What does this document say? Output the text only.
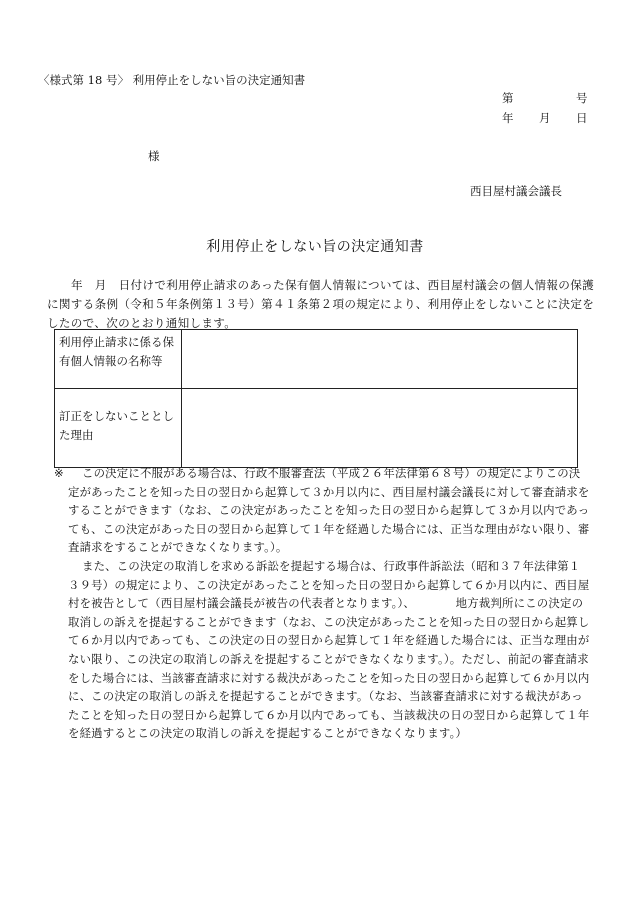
〈様式第 18 号〉 利用停止をしない旨の決定通知書
第	号
年 月 日
様
西目屋村議会議長
利用停止をしない旨の決定通知書
年　月　日付けで利用停止請求のあった保有個人情報については、西目屋村議会の個人情報の保護に関する条例（令和５年条例第１３号）第４１条第２項の規定により、利用停止をしないことに決定をしたので、次のとおり通知します。
利用停止請求に係る保有個人情報の名称等	
訂正をしないこととした理由	
※	この決定に不服がある場合は、行政不服審査法（平成２６年法律第６８号）の規定によりこの決定があったことを知った日の翌日から起算して３か月以内に、西目屋村議会議長に対して審査請求をすることができます（なお、この決定があったことを知った日の翌日から起算して３か月以内であっても、この決定があった日の翌日から起算して１年を経過した場合には、正当な理由がない限り、審査請求をすることができなくなります。）。

また、この決定の取消しを求める訴訟を提起する場合は、行政事件訴訟法（昭和３７年法律第１３９号）の規定により、この決定があったことを知った日の翌日から起算して６か月以内に、西目屋村を被告として（西目屋村議会議長が被告の代表者となります。）、　　　　地方裁判所にこの決定の取消しの訴えを提起することができます（なお、この決定があったことを知った日の翌日から起算して６か月以内であっても、この決定の日の翌日から起算して１年を経過した場合には、正当な理由がない限り、この決定の取消しの訴えを提起することができなくなります。）。ただし、前記の審査請求をした場合には、当該審査請求に対する裁決があったことを知った日の翌日から起算して６か月以内に、この決定の取消しの訴えを提起することができます。（なお、当該審査請求に対する裁決があったことを知った日の翌日から起算して６か月以内であっても、当該裁決の日の翌日から起算して１年を経過するとこの決定の取消しの訴えを提起することができなくなります。）
